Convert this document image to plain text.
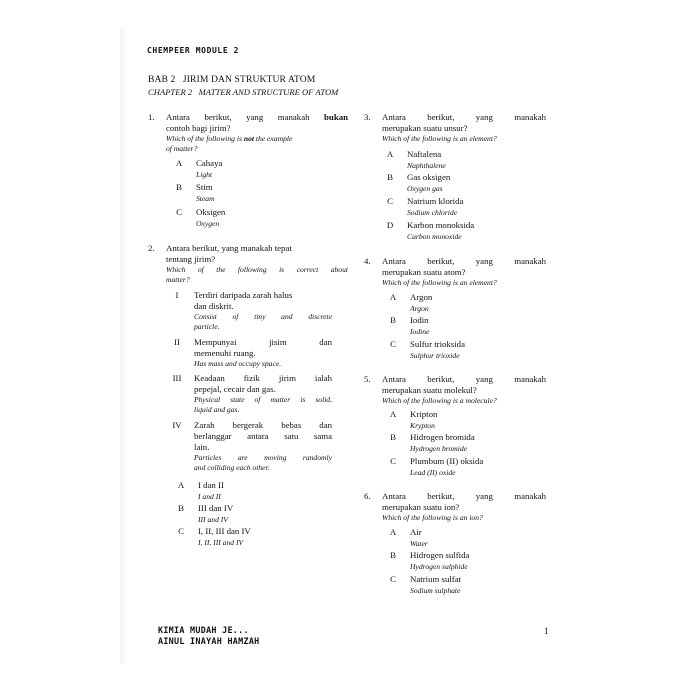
CHEMPEER MODULE 2
BAB 2   JIRIM DAN STRUKTUR ATOM
CHAPTER 2   MATTER AND STRUCTURE OF ATOM
1. Antara berikut, yang manakah bukan
contoh bagi jirim?
Which of the following is not the example
of matter?
A	Cahaya
Light
B	Stim
Steam
C	Oksigen
Oxygen
2. Antara berikut, yang manakah tepat
tentang jirim?
Which of the following is correct about
matter?
I	Terdiri daripada zarah halus
dan diskrit.
Consist of tiny and discrete
particle.
II	Mempunyai jisim dan
memenuhi ruang.
Has mass and occupy space.
III	Keadaan fizik jirim ialah
pepejal, cecair dan gas.
Physical state of matter is solid,
liquid and gas.
IV	Zarah bergerak bebas dan
berlanggar antara satu sama
lain.
Particles are moving randomly
and colliding each other.
A	I dan II
I and II
B	III dan IV
III and IV
C	I, II, III dan IV
I, II, III and IV
3. Antara berikut, yang manakah
merupakan suatu unsur?
Which of the following is an element?
A	Naftalena
Naphthalene
B	Gas oksigen
Oxygen gas
C	Natrium klorida
Sodium chloride
D	Karbon monoksida
Carbon monoxide
4. Antara berikut, yang manakah
merupakan suatu atom?
Which of the following is an element?
A	Argon
Argon
B	Iodin
Iodine
C	Sulfur trioksida
Sulphur trioxide
5. Antara berikut, yang manakah
merupakan suatu molekul?
Which of the following is a molecule?
A	Kripton
Krypton
B	Hidrogen bromida
Hydrogen bromide
C	Plumbum (II) oksida
Lead (II) oxide
6. Antara berikut, yang manakah
merupakan suatu ion?
Which of the following is an ion?
A	Air
Water
B	Hidrogen sulfida
Hydrogen sulphide
C	Natrium sulfat
Sodium sulphate
KIMIA MUDAH JE...
AINUL INAYAH HAMZAH
1
